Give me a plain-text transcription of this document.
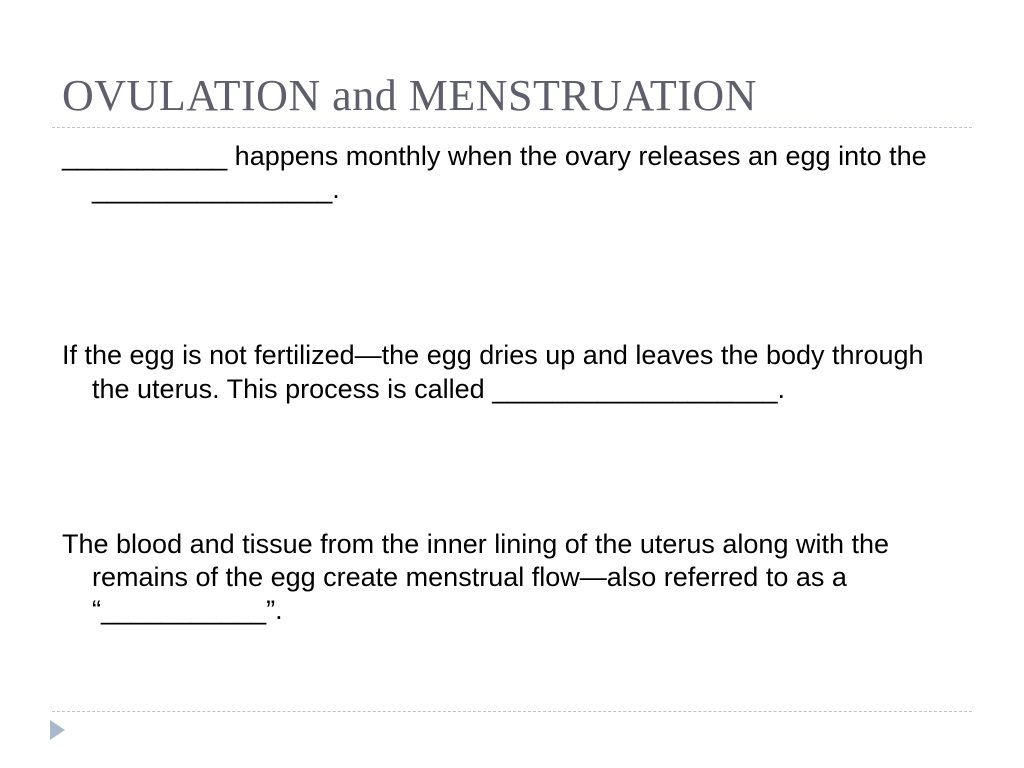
OVULATION and MENSTRUATION

___________ happens monthly when the ovary releases an egg into the ________________.

If the egg is not fertilized—the egg dries up and leaves the body through the uterus. This process is called ___________________.

The blood and tissue from the inner lining of the uterus along with the remains of the egg create menstrual flow—also referred to as a “___________”.
